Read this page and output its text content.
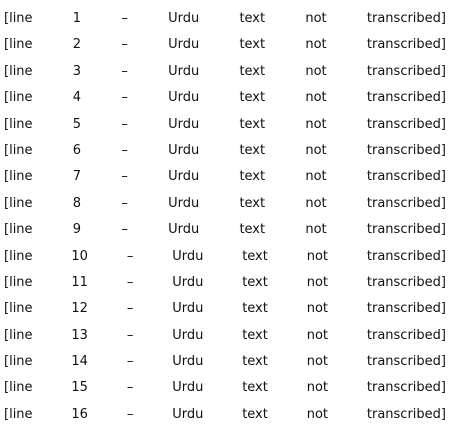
[line 1 – Urdu text not transcribed]
[line 2 – Urdu text not transcribed]
[line 3 – Urdu text not transcribed]
[line 4 – Urdu text not transcribed]
[line 5 – Urdu text not transcribed]
[line 6 – Urdu text not transcribed]
[line 7 – Urdu text not transcribed]
[line 8 – Urdu text not transcribed]

[line 9 – Urdu text not transcribed]
[line 10 – Urdu text not transcribed]
[line 11 – Urdu text not transcribed]
[line 12 – Urdu text not transcribed]
[line 13 – Urdu text not transcribed]
[line 14 – Urdu text not transcribed]
[line 15 – Urdu text not transcribed]
[line 16 – Urdu text not transcribed]
